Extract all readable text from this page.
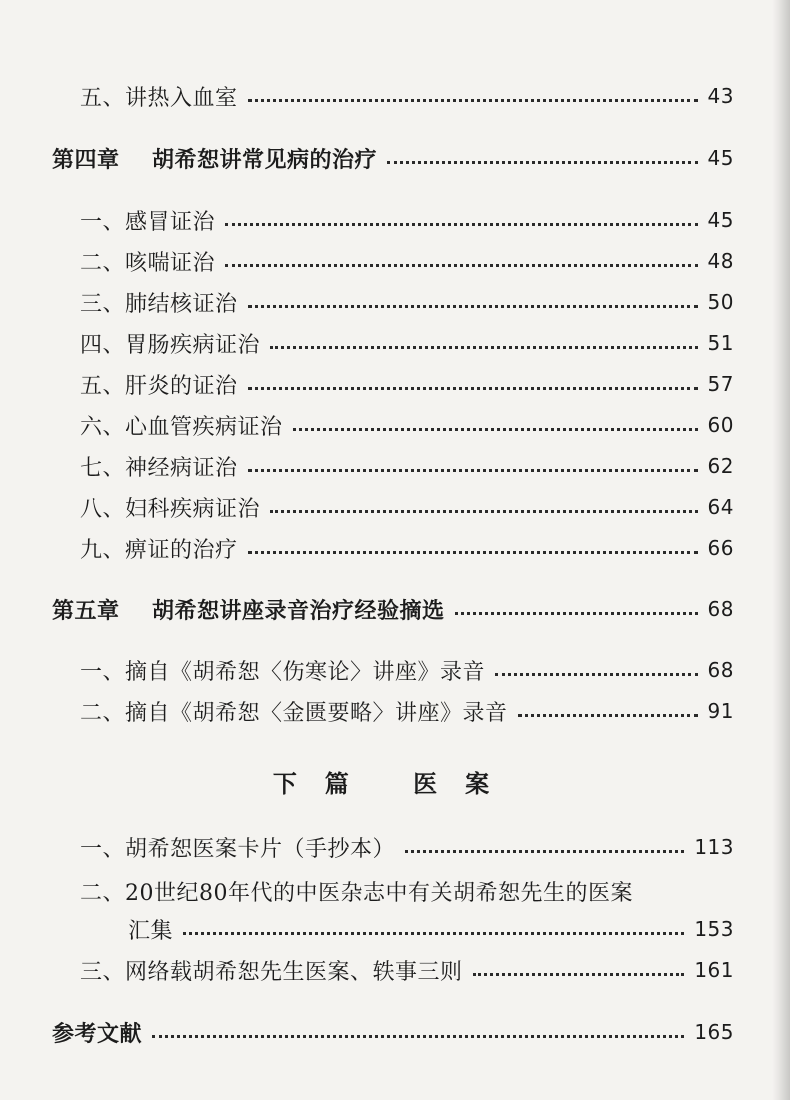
五、讲热入血室	43
第四章 胡希恕讲常见病的治疗	45
一、感冒证治	45
二、咳喘证治	48
三、肺结核证治	50
四、胃肠疾病证治	51
五、肝炎的证治	57
六、心血管疾病证治	60
七、神经病证治	62
八、妇科疾病证治	64
九、痹证的治疗	66
第五章 胡希恕讲座录音治疗经验摘选	68
一、摘自《胡希恕〈伤寒论〉讲座》录音	68
二、摘自《胡希恕〈金匮要略〉讲座》录音	91
下篇 医案
一、胡希恕医案卡片（手抄本）	113
二、20世纪80年代的中医杂志中有关胡希恕先生的医案
汇集	153
三、网络载胡希恕先生医案、轶事三则	161
参考文献	165
